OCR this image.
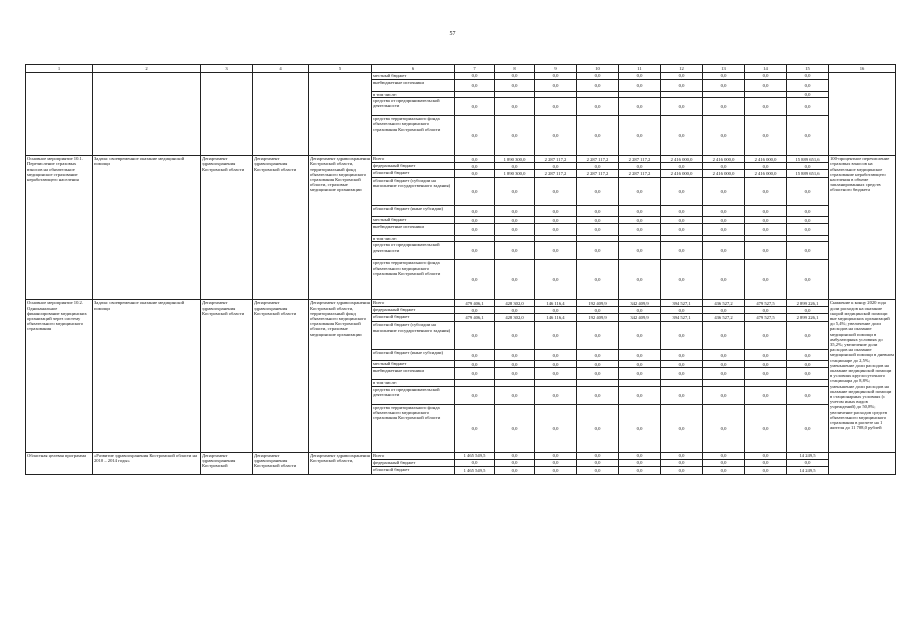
57
1	2	3	4	5	6	7	8	9	10	11	12	13	14	15	16
					местный бюджет	0,0	0,0	0,0	0,0	0,0	0,0	0,0	0,0	0,0	
					внебюджетные источники	0,0	0,0	0,0	0,0	0,0	0,0	0,0	0,0	0,0	
					в том числе:									0,0	
					средства от предпринимательской деятельности	0,0	0,0	0,0	0,0	0,0	0,0	0,0	0,0	0,0	
					средства территориального фонда обязательного медицинского страхования Костромской области	0,0	0,0	0,0	0,0	0,0	0,0	0,0	0,0	0,0	
Основное мероприятие 10.1. Перечисление страховых взносов на обязательное медицинское страхование неработающего населения	Задача: своевременное оказание медицинской помощи	Департамент здравоохранения Костромской области	Департамент здравоохранения Костромской области	Департамент здравоохранения Костромской области, территориальный фонд обязательного медицинского страхования Костромской области, страховые медицинские организации	Всего	0,0	1 890 300,0	2 287 117,2	2 287 117,2	2 287 117,2	2 416 000,0	2 416 000,0	2 416 000,0	15 889 651,6	100-процентное перечисление страховых взносов на обязательное медицинское страхование неработающего населения в объеме запланированных средств областного бюджета
					федеральный бюджет	0,0	0,0	0,0	0,0	0,0	0,0	0,0	0,0	0,0	
					областной бюджет	0,0	1 890 300,0	2 287 117,2	2 287 117,2	2 287 117,2	2 416 000,0	2 416 000,0	2 416 000,0	15 889 651,6	
					областной бюджет (субсидии на выполнение государственного задания)	0,0	0,0	0,0	0,0	0,0	0,0	0,0	0,0	0,0	
					областной бюджет (иные субсидии)	0,0	0,0	0,0	0,0	0,0	0,0	0,0	0,0	0,0	
					местный бюджет	0,0	0,0	0,0	0,0	0,0	0,0	0,0	0,0	0,0	
					внебюджетные источники	0,0	0,0	0,0	0,0	0,0	0,0	0,0	0,0	0,0	
					в том числе:										
					средства от предпринимательской деятельности	0,0	0,0	0,0	0,0	0,0	0,0	0,0	0,0	0,0	
					средства территориального фонда обязательного медицинского страхования Костромской области	0,0	0,0	0,0	0,0	0,0	0,0	0,0	0,0	0,0	
Основное мероприятие 10.2. Одноканальное финансирование медицинских организаций через систему обязательного медицинского страхования	Задача: своевременное оказание медицинской помощи	Департамент здравоохранения Костромской области	Департамент здравоохранения Костромской области	Департамент здравоохранения Костромской области, территориальный фонд обязательного медицинского страхования Костромской области, страховые медицинские организации	Всего	479 406,1	428 302,0	146 116,4	192 409,9	342 409,9	394 527,1	436 527,2	479 527,5	2 899 226,1	Снижение к концу 2020 года доли расходов на оказание скорой медицинской помощи вне медицинских организаций до 5,4%; увеличение доли расходов на оказание медицинской помощи в амбулаторных условиях до 35,2%; увеличение доли расходов на оказание медицинской помощи в дневном стационаре до 2,5%; уменьшение доли расходов на оказание медицинской помощи в условиях круглосуточного стационара до 8,8%; уменьшение доли расходов на оказание медицинской помощи в стационарных условиях (с учетом иных видов учреждений) до 50,8%; увеличение расходов средств обязательного медицинского страхования в расчете на 1 жителя до 11 708,0 рублей
					федеральный бюджет	0,0	0,0	0,0	0,0	0,0	0,0	0,0	0,0	0,0	
					областной бюджет	479 406,1	428 302,0	146 116,4	192 409,9	342 409,9	394 527,1	436 527,2	479 527,5	2 899 226,1	
					областной бюджет (субсидии на выполнение государственного задания)	0,0	0,0	0,0	0,0	0,0	0,0	0,0	0,0	0,0	
					областной бюджет (иные субсидии)	0,0	0,0	0,0	0,0	0,0	0,0	0,0	0,0	0,0	
					местный бюджет	0,0	0,0	0,0	0,0	0,0	0,0	0,0	0,0	0,0	
					внебюджетные источники	0,0	0,0	0,0	0,0	0,0	0,0	0,0	0,0	0,0	
					в том числе:										
					средства от предпринимательской деятельности	0,0	0,0	0,0	0,0	0,0	0,0	0,0	0,0	0,0	
					средства территориального фонда обязательного медицинского страхования Костромской области	0,0	0,0	0,0	0,0	0,0	0,0	0,0	0,0	0,0	
Областная целевая программа	«Развитие здравоохранения Костромской области на 2010 – 2014 годы»	Департамент здравоохранения Костромской	Департамент здравоохранения Костромской области	Департамент здравоохранения Костромской области,	Всего	1 465 549,5	0,0	0,0	0,0	0,0	0,0	0,0	0,0	14 249,5	
					федеральный бюджет	0,0	0,0	0,0	0,0	0,0	0,0	0,0	0,0	0,0	
					областной бюджет	1 465 549,5	0,0	0,0	0,0	0,0	0,0	0,0	0,0	14 249,5	
